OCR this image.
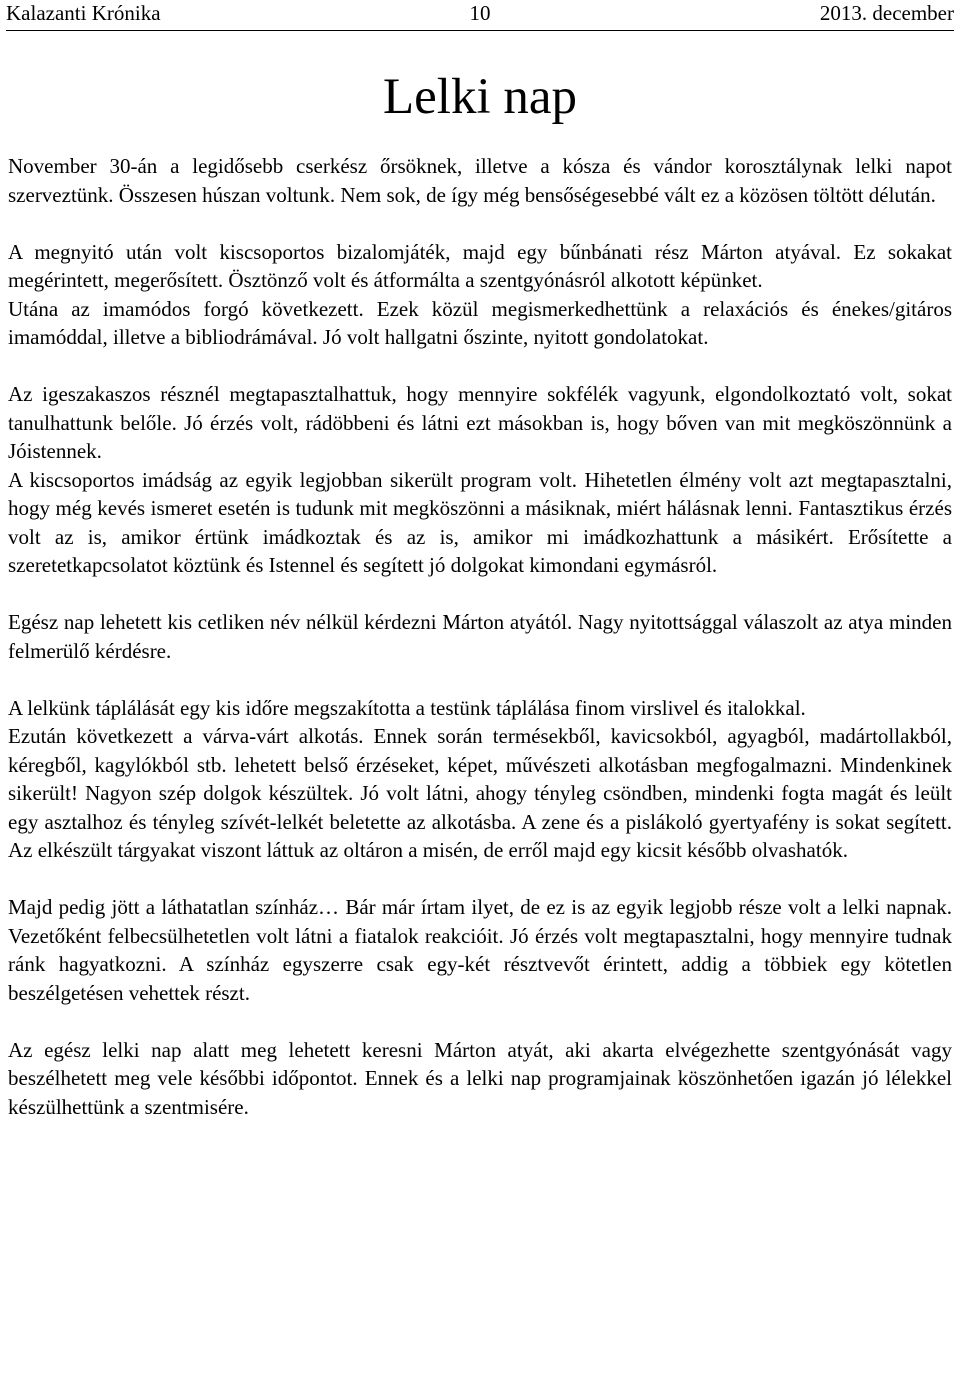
Kalazanti Krónika	10	2013. december
Lelki nap

November 30-án a legidősebb cserkész őrsöknek, illetve a kósza és vándor korosztálynak lelki napot szerveztünk. Összesen húszan voltunk. Nem sok, de így még bensőségesebbé vált ez a közösen töltött délután.

A megnyitó után volt kiscsoportos bizalomjáték, majd egy bűnbánati rész Márton atyával. Ez sokakat megérintett, megerősített. Ösztönző volt és átformálta a szentgyónásról alkotott képünket.

Utána az imamódos forgó következett. Ezek közül megismerkedhettünk a relaxációs és énekes/gitáros imamóddal, illetve a bibliodrámával. Jó volt hallgatni őszinte, nyitott gondolatokat.

Az igeszakaszos résznél megtapasztalhattuk, hogy mennyire sokfélék vagyunk, elgondolkoztató volt, sokat tanulhattunk belőle. Jó érzés volt, rádöbbeni és látni ezt másokban is, hogy bőven van mit megköszönnünk a Jóistennek.

A kiscsoportos imádság az egyik legjobban sikerült program volt. Hihetetlen élmény volt azt megtapasztalni, hogy még kevés ismeret esetén is tudunk mit megköszönni a másiknak, miért hálásnak lenni. Fantasztikus érzés volt az is, amikor értünk imádkoztak és az is, amikor mi imádkozhattunk a másikért. Erősítette a szeretetkapcsolatot köztünk és Istennel és segített jó dolgokat kimondani egymásról.

Egész nap lehetett kis cetliken név nélkül kérdezni Márton atyától. Nagy nyitottsággal válaszolt az atya minden felmerülő kérdésre.

A lelkünk táplálását egy kis időre megszakította a testünk táplálása finom virslivel és italokkal.

Ezután következett a várva-várt alkotás. Ennek során termésekből, kavicsokból, agyagból, madártollakból, kéregből, kagylókból stb. lehetett belső érzéseket, képet, művészeti alkotásban megfogalmazni. Mindenkinek sikerült! Nagyon szép dolgok készültek. Jó volt látni, ahogy tényleg csöndben, mindenki fogta magát és leült egy asztalhoz és tényleg szívét-lelkét beletette az alkotásba. A zene és a pislákoló gyertyafény is sokat segített. Az elkészült tárgyakat viszont láttuk az oltáron a misén, de erről majd egy kicsit később olvashatók.

Majd pedig jött a láthatatlan színház… Bár már írtam ilyet, de ez is az egyik legjobb része volt a lelki napnak. Vezetőként felbecsülhetetlen volt látni a fiatalok reakcióit. Jó érzés volt megtapasztalni, hogy mennyire tudnak ránk hagyatkozni. A színház egyszerre csak egy-két résztvevőt érintett, addig a többiek egy kötetlen beszélgetésen vehettek részt.

Az egész lelki nap alatt meg lehetett keresni Márton atyát, aki akarta elvégezhette szentgyónását vagy beszélhetett meg vele későbbi időpontot. Ennek és a lelki nap programjainak köszönhetően igazán jó lélekkel készülhettünk a szentmisére.
